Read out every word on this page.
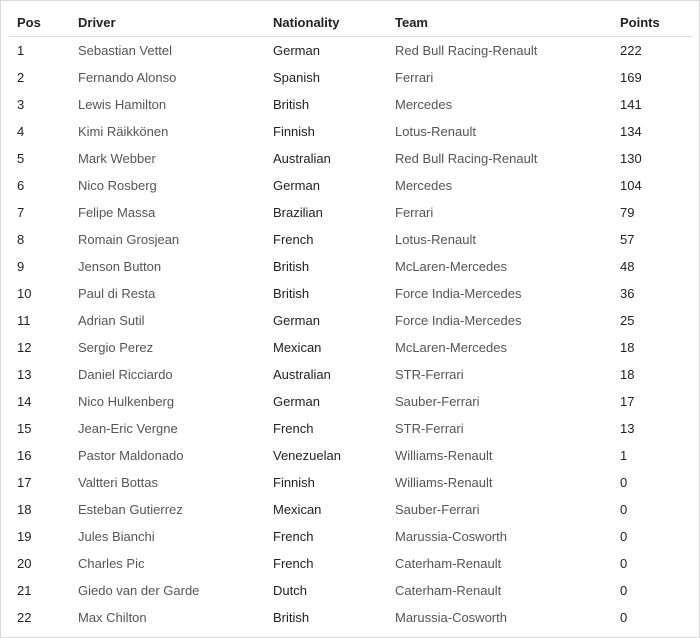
Pos	Driver	Nationality	Team	Points
1	Sebastian Vettel	German	Red Bull Racing-Renault	222
2	Fernando Alonso	Spanish	Ferrari	169
3	Lewis Hamilton	British	Mercedes	141
4	Kimi Räikkönen	Finnish	Lotus-Renault	134
5	Mark Webber	Australian	Red Bull Racing-Renault	130
6	Nico Rosberg	German	Mercedes	104
7	Felipe Massa	Brazilian	Ferrari	79
8	Romain Grosjean	French	Lotus-Renault	57
9	Jenson Button	British	McLaren-Mercedes	48
10	Paul di Resta	British	Force India-Mercedes	36
11	Adrian Sutil	German	Force India-Mercedes	25
12	Sergio Perez	Mexican	McLaren-Mercedes	18
13	Daniel Ricciardo	Australian	STR-Ferrari	18
14	Nico Hulkenberg	German	Sauber-Ferrari	17
15	Jean-Eric Vergne	French	STR-Ferrari	13
16	Pastor Maldonado	Venezuelan	Williams-Renault	1
17	Valtteri Bottas	Finnish	Williams-Renault	0
18	Esteban Gutierrez	Mexican	Sauber-Ferrari	0
19	Jules Bianchi	French	Marussia-Cosworth	0
20	Charles Pic	French	Caterham-Renault	0
21	Giedo van der Garde	Dutch	Caterham-Renault	0
22	Max Chilton	British	Marussia-Cosworth	0
